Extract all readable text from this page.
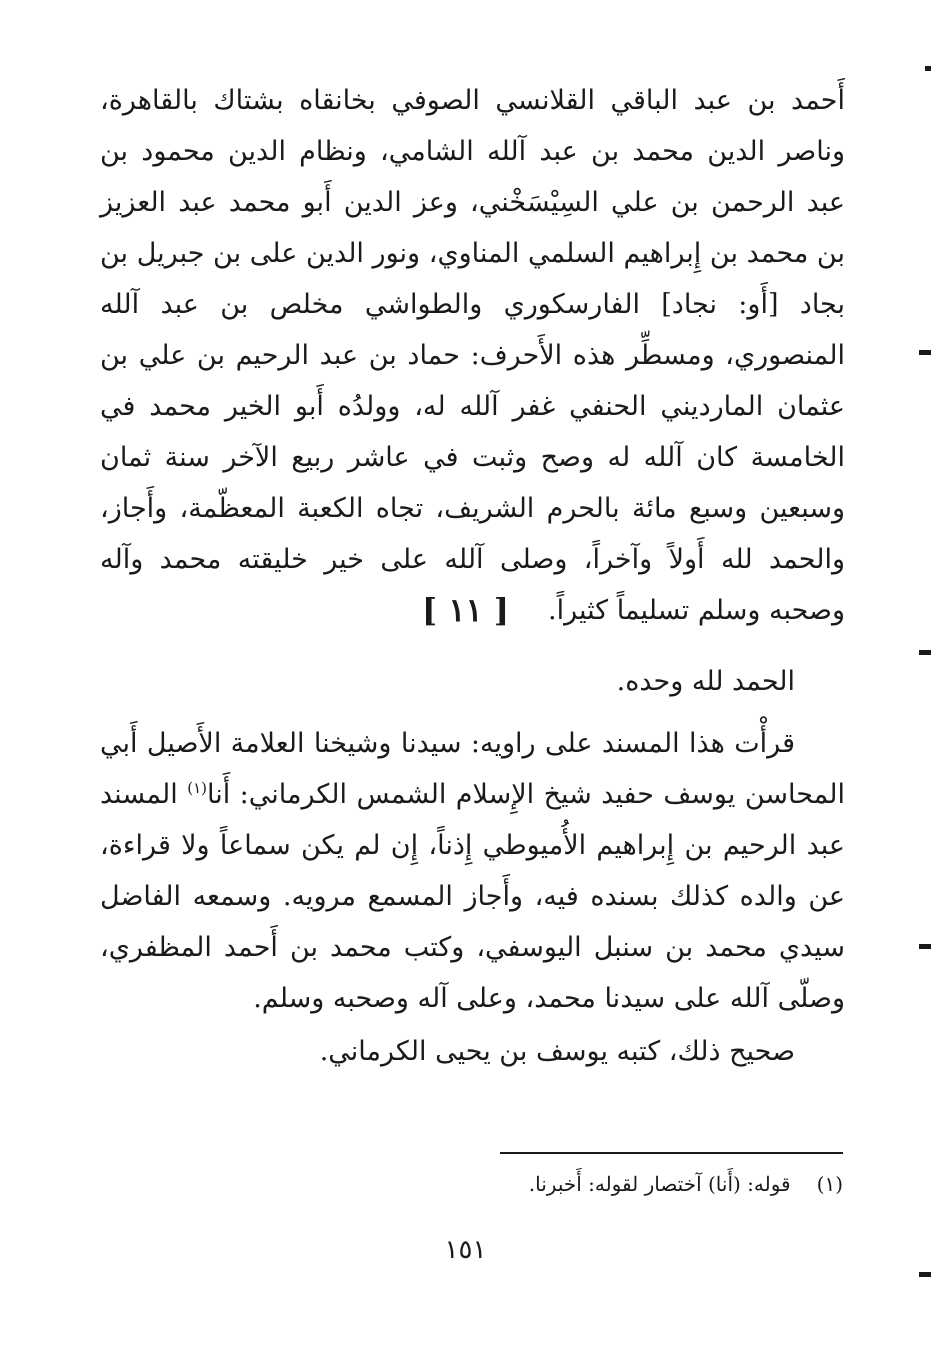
أَحمد بن عبد الباقي القلانسي الصوفي بخانقاه بشتاك بالقاهرة، وناصر الدين محمد بن عبد آلله الشامي، ونظام الدين محمود بن عبد الرحمن بن علي السِيْسَخْني، وعز الدين أَبو محمد عبد العزيز بن محمد بن إِبراهيم السلمي المناوي، ونور الدين على بن جبريل بن بجاد [أَو: نجاد] الفارسكوري والطواشي مخلص بن عبد آلله المنصوري، ومسطِّر هذه الأَحرف: حماد بن عبد الرحيم بن علي بن عثمان المارديني الحنفي غفر آلله له، وولدُه أَبو الخير محمد في الخامسة كان آلله له وصح وثبت في عاشر ربيع الآخر سنة ثمان وسبعين وسبع مائة بالحرم الشريف، تجاه الكعبة المعظّمة، وأَجاز، والحمد لله أَولاً وآخراً، وصلى آلله على خير خليقته محمد وآله وصحبه وسلم تسليماً كثيراً.

[ ١١ ]

الحمد لله وحده.

قرأْت هذا المسند على راويه: سيدنا وشيخنا العلامة الأَصيل أَبي المحاسن يوسف حفيد شيخ الإِسلام الشمس الكرماني: أَنا$^{(١)}$ المسند عبد الرحيم بن إِبراهيم الأُميوطي إِذناً، إِن لم يكن سماعاً ولا قراءة، عن والده كذلك بسنده فيه، وأَجاز المسمع مرويه. وسمعه الفاضل سيدي محمد بن سنبل اليوسفي، وكتب محمد بن أَحمد المظفري، وصلّى آلله على سيدنا محمد، وعلى آله وصحبه وسلم.

صحيح ذلك، كتبه يوسف بن يحيى الكرماني.

(١)قوله: (أَنا) آختصار لقوله: أَخبرنا.

١٥١
